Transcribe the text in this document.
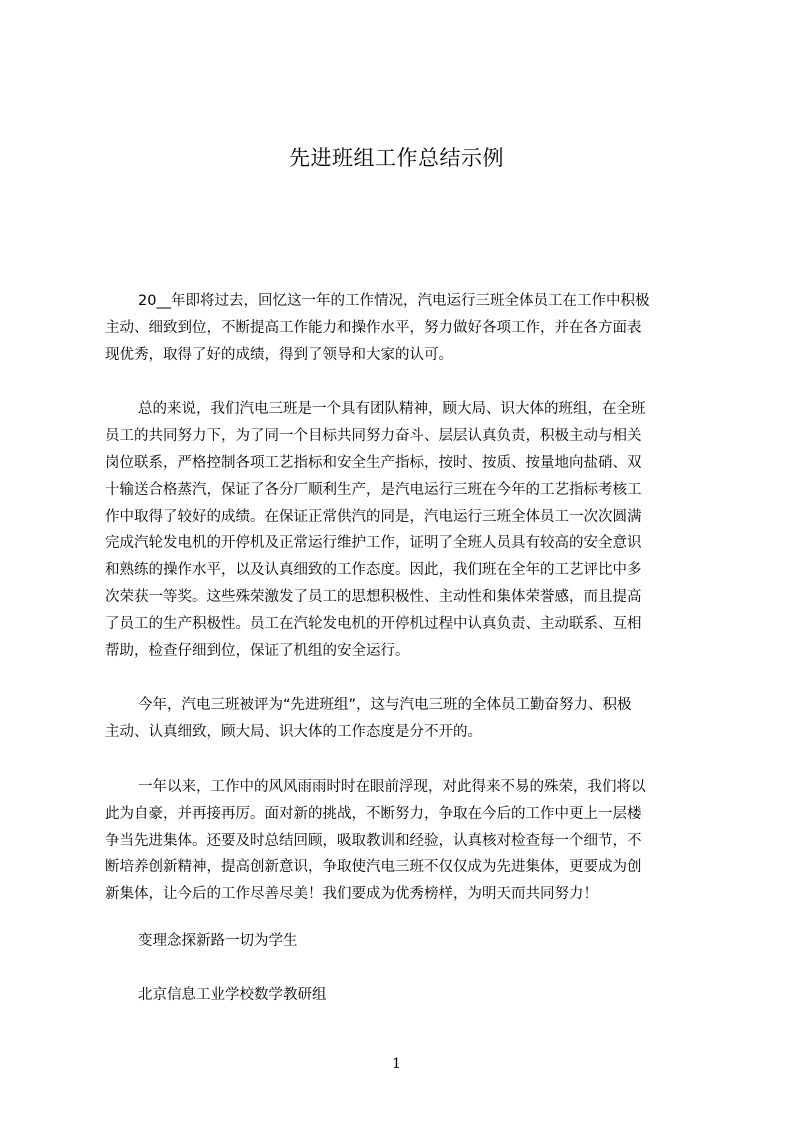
先进班组工作总结示例
20__年即将过去，回忆这一年的工作情况，汽电运行三班全体员工在工作中积极
主动、细致到位，不断提高工作能力和操作水平，努力做好各项工作，并在各方面表
现优秀，取得了好的成绩，得到了领导和大家的认可。
总的来说，我们汽电三班是一个具有团队精神，顾大局、识大体的班组，在全班
员工的共同努力下，为了同一个目标共同努力奋斗、层层认真负责，积极主动与相关
岗位联系，严格控制各项工艺指标和安全生产指标，按时、按质、按量地向盐硝、双
十输送合格蒸汽，保证了各分厂顺利生产，是汽电运行三班在今年的工艺指标考核工
作中取得了较好的成绩。在保证正常供汽的同是，汽电运行三班全体员工一次次圆满
完成汽轮发电机的开停机及正常运行维护工作，证明了全班人员具有较高的安全意识
和熟练的操作水平，以及认真细致的工作态度。因此，我们班在全年的工艺评比中多
次荣获一等奖。这些殊荣激发了员工的思想积极性、主动性和集体荣誉感，而且提高
了员工的生产积极性。员工在汽轮发电机的开停机过程中认真负责、主动联系、互相
帮助，检查仔细到位，保证了机组的安全运行。
今年，汽电三班被评为“先进班组”，这与汽电三班的全体员工勤奋努力、积极
主动、认真细致，顾大局、识大体的工作态度是分不开的。
一年以来，工作中的风风雨雨时时在眼前浮现，对此得来不易的殊荣，我们将以
此为自豪，并再接再厉。面对新的挑战，不断努力，争取在今后的工作中更上一层楼
争当先进集体。还要及时总结回顾，吸取教训和经验，认真核对检查每一个细节，不
断培养创新精神，提高创新意识，争取使汽电三班不仅仅成为先进集体，更要成为创
新集体，让今后的工作尽善尽美！我们要成为优秀榜样，为明天而共同努力！
变理念探新路一切为学生
北京信息工业学校数学教研组
1
